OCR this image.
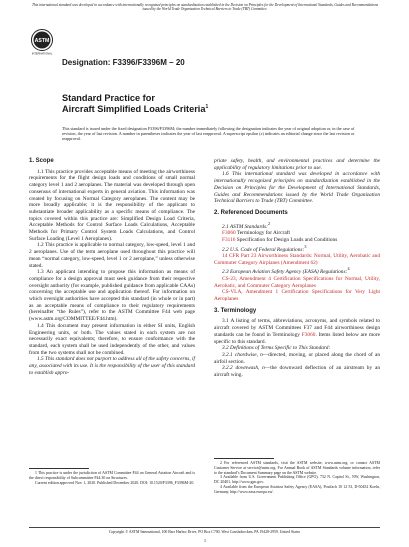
This international standard was developed in accordance with internationally recognized principles on standardization established in the Decision on Principles for the Development of International Standards, Guides and Recommendations issued by the World Trade Organization Technical Barriers to Trade (TBT) Committee.
ASTM
INTERNATIONAL
Designation: F3396/F3396M – 20
Standard Practice for
Aircraft Simplified Loads Criteria$^1$
This standard is issued under the fixed designation F3396/F3396M; the number immediately following the designation indicates the year of original adoption or, in the case of revision, the year of last revision. A number in parentheses indicates the year of last reapproval. A superscript epsilon (ε) indicates an editorial change since the last revision or reapproval.
1. Scope

1.1 This practice provides acceptable means of meeting the airworthiness requirements for the flight design loads and conditions of small normal category level 1 and 2 aeroplanes. The material was developed through open consensus of international experts in general aviation. This information was created by focusing on Normal Category aeroplanes. The content may be more broadly applicable; it is the responsibility of the applicant to substantiate broader applicability as a specific means of compliance. The topics covered within this practice are: Simplified Design Load Criteria, Acceptable Methods for Control Surface Loads Calculations, Acceptable Methods for Primary Control System Loads Calculations, and Control Surface Loading (Level 1 Aeroplanes).

1.2 This practice is applicable to normal category, low-speed, level 1 and 2 aeroplanes. Use of the term aeroplane used throughout this practice will mean “normal category, low-speed, level 1 or 2 aeroplane,” unless otherwise stated.

1.3 An applicant intending to propose this information as means of compliance for a design approval must seek guidance from their respective oversight authority (for example, published guidance from applicable CAAs) concerning the acceptable use and application thereof. For information on which oversight authorities have accepted this standard (in whole or in part) as an acceptable means of compliance to their regulatory requirements (hereinafter “the Rules”), refer to the ASTM Committee F44 web page (www.astm.org/COMMITTEE/F44.htm).

1.4 This document may present information in either SI units, English Engineering units, or both. The values stated in each system are not necessarily exact equivalents; therefore, to ensure conformance with the standard, each system shall be used independently of the other, and values from the two systems shall not be combined.

1.5 This standard does not purport to address all of the safety concerns, if any, associated with its use. It is the responsibility of the user of this standard to establish appro-

priate safety, health, and environmental practices and determine the applicability of regulatory limitations prior to use.

1.6 This international standard was developed in accordance with internationally recognized principles on standardization established in the Decision on Principles for the Development of International Standards, Guides and Recommendations issued by the World Trade Organization Technical Barriers to Trade (TBT) Committee.

2. Referenced Documents

2.1 ASTM Standards:$^2$

F3060 Terminology for Aircraft

F3116 Specification for Design Loads and Conditions

2.2 U.S. Code of Federal Regulations:$^3$

14 CFR Part 23 Airworthiness Standards: Normal, Utility, Aerobatic and Commuter Category Airplanes (Amendment 62)

2.3 European Aviation Safety Agency (EASA) Regulations:$^4$

CS-23, Amendment 4 Certification Specifications for Normal, Utility, Aerobatic, and Commuter Category Aeroplanes

CS-VLA, Amendment 1 Certification Specifications for Very Light Aeroplanes

3. Terminology

3.1 A listing of terms, abbreviations, acronyms, and symbols related to aircraft covered by ASTM Committees F37 and F44 airworthiness design standards can be found in Terminology F3060. Items listed below are more specific to this standard.

3.2 Definitions of Terms Specific to This Standard:

3.2.1 chordwise, n—directed, moving, or placed along the chord of an airfoil section.

3.2.2 downwash, n—the downward deflection of an airstream by an aircraft wing.

1 This practice is under the jurisdiction of ASTM Committee F44 on General Aviation Aircraft and is the direct responsibility of Subcommittee F44.30 on Structures.

Current edition approved Nov. 1, 2020. Published December 2020. DOI: 10.1520/F3396_F3396M-20.

2 For referenced ASTM standards, visit the ASTM website, www.astm.org, or contact ASTM Customer Service at service@astm.org. For Annual Book of ASTM Standards volume information, refer to the standard’s Document Summary page on the ASTM website.

3 Available from U.S. Government Publishing Office (GPO), 732 N. Capitol St., NW, Washington, DC 20401, http://www.gpo.gov.

4 Available from the European Aviation Safety Agency (EASA), Postfach 10 12 53, D-50452 Koeln, Germany, http://www.easa.europa.eu/.

Copyright © ASTM International, 100 Barr Harbor Drive, PO Box C700, West Conshohocken, PA 19428-2959. United States
1
